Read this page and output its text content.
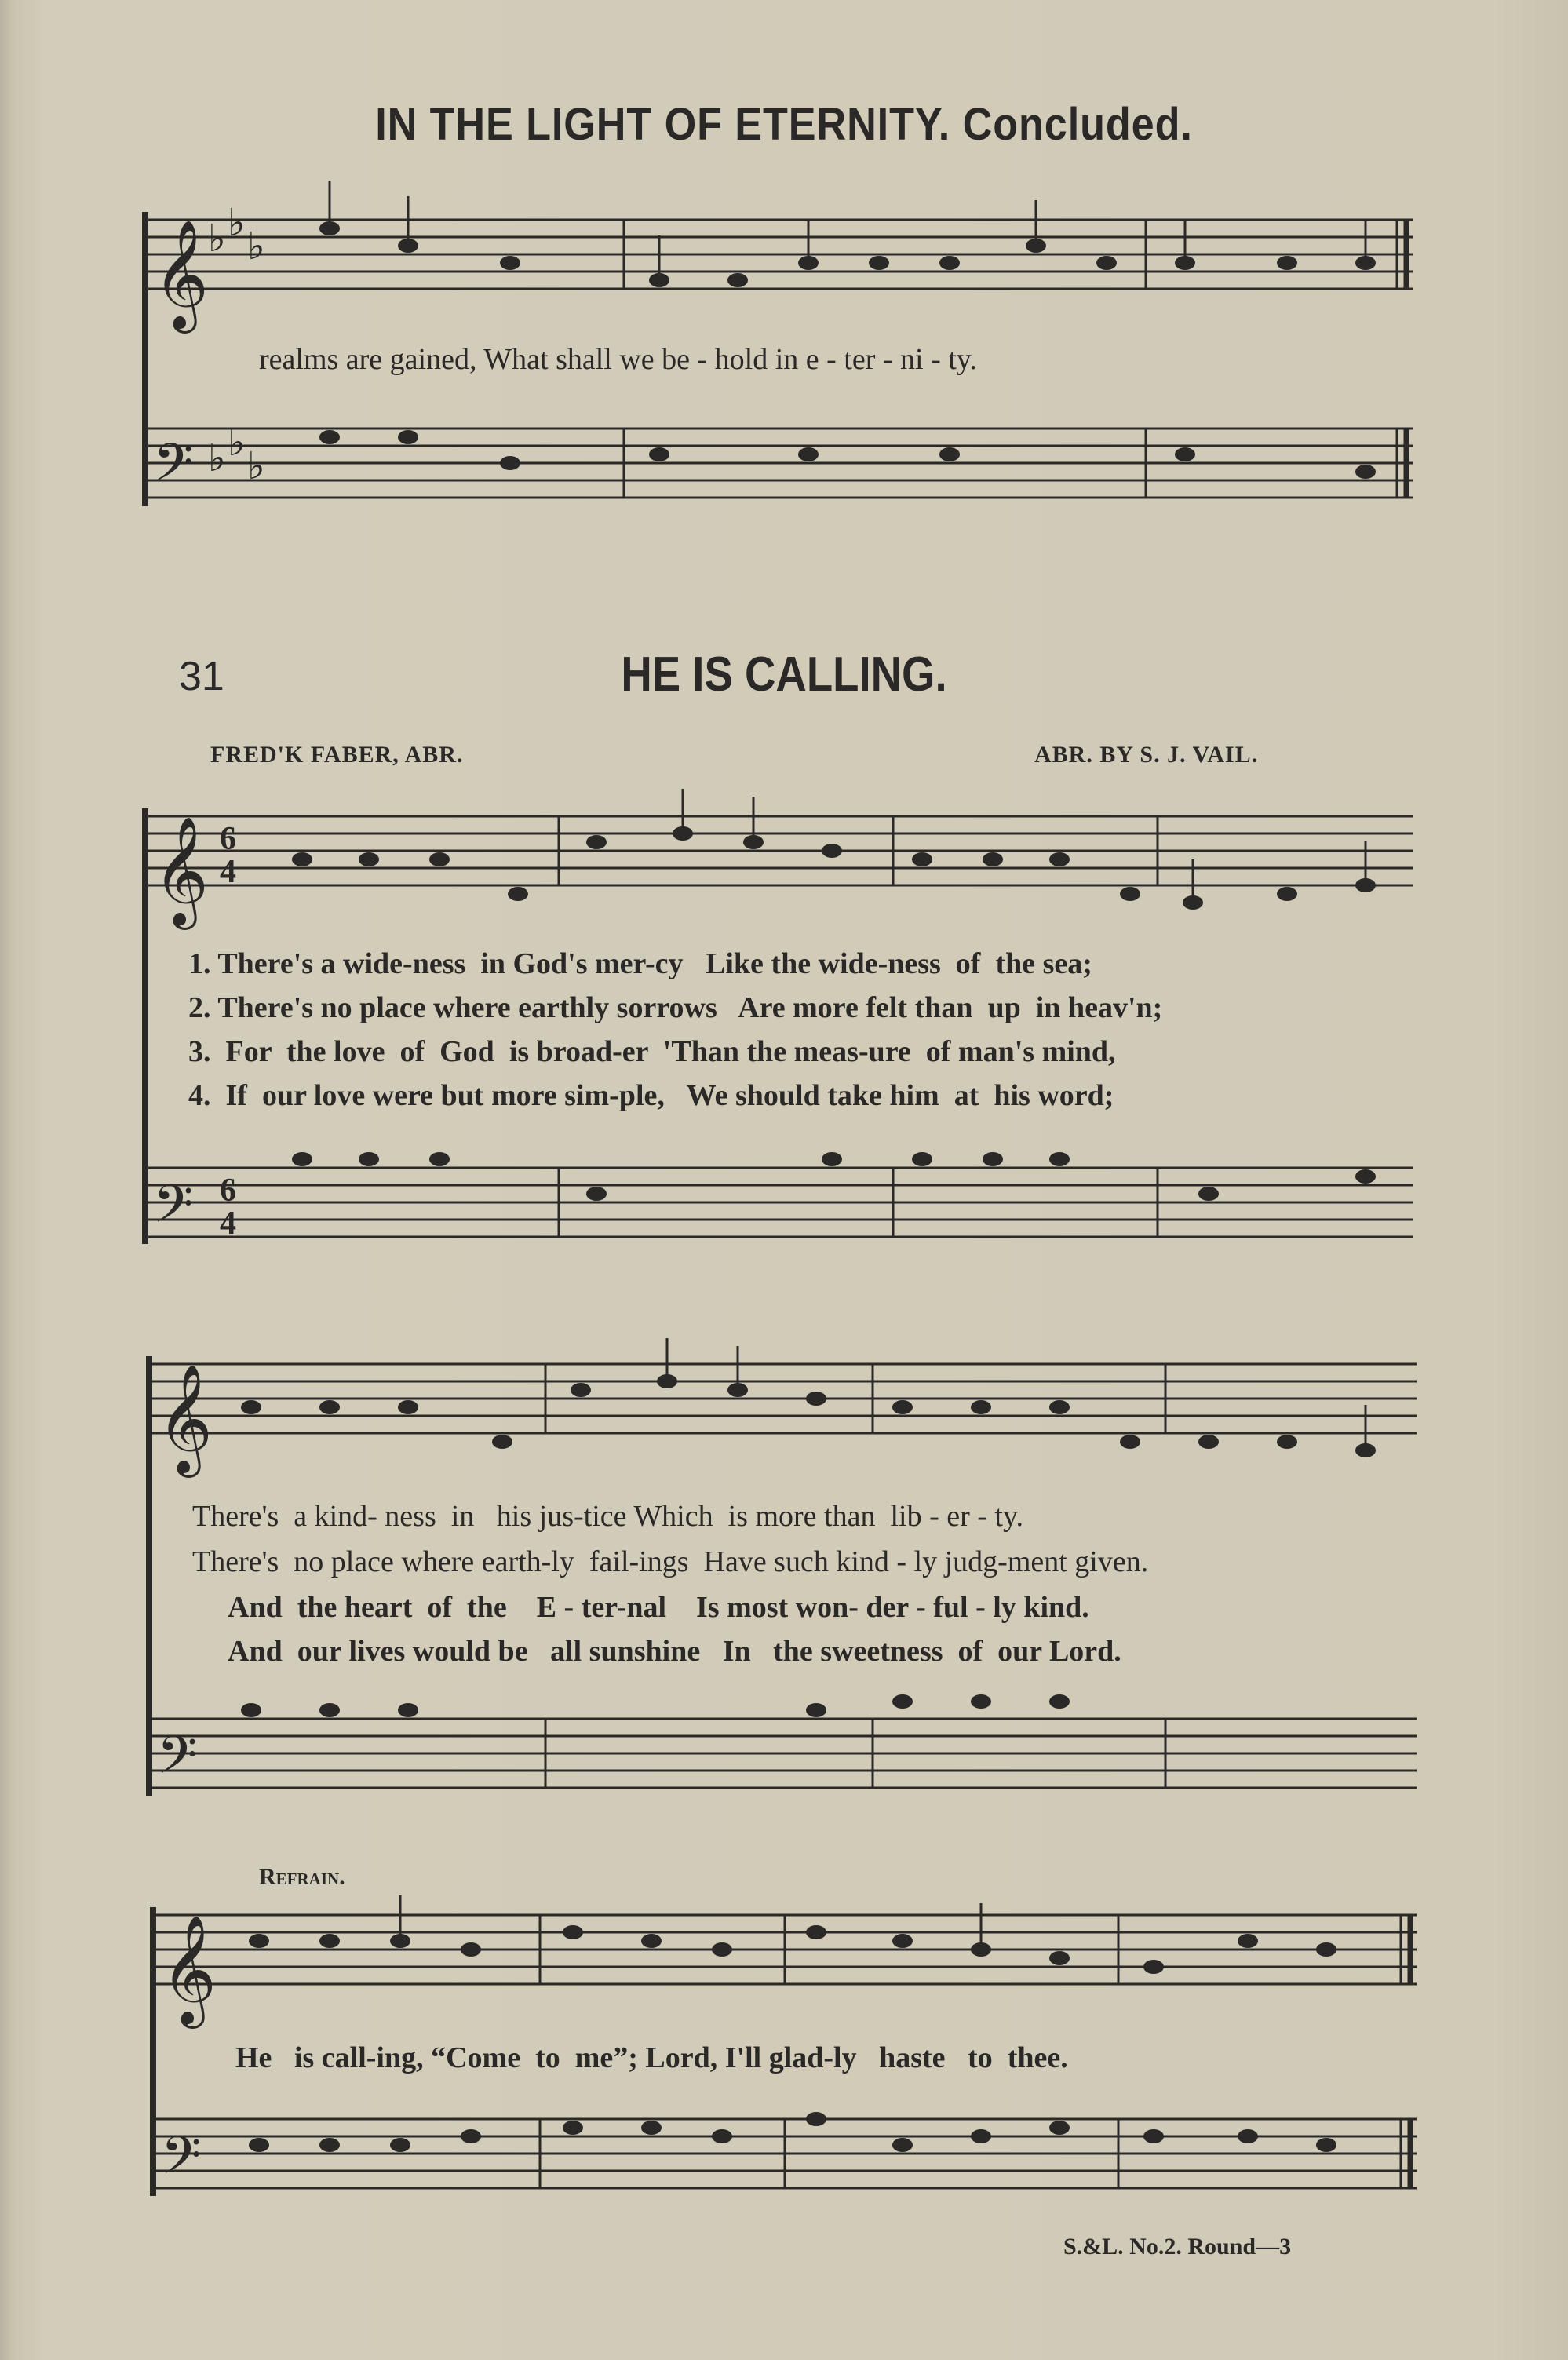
IN THE LIGHT OF ETERNITY. Concluded.
𝄞
𝄢
♭ ♭
♭
♭ ♭
♭
𝄞
𝄢
6
4
6
4
𝄞
𝄢
𝄞
𝄢
realms are gained, What shall we be - hold in e - ter - ni - ty.
31	HE IS CALLING.
FRED'K FABER, ABR.	ABR. BY S. J. VAIL.
1. There's a wide-ness  in God's mer-cy   Like the wide-ness  of  the sea;
2. There's no place where earthly sorrows   Are more felt than  up  in heav'n;
3.  For  the love  of  God  is broad-er  'Than the meas-ure  of man's mind,
4.  If  our love were but more sim-ple,   We should take him  at  his word;
There's  a kind- ness  in   his jus-tice Which  is more than  lib - er - ty.
There's  no place where earth-ly  fail-ings  Have such kind - ly judg-ment given.
And  the heart  of  the    E - ter-nal    Is most won- der - ful - ly kind.
And  our lives would be   all sunshine   In   the sweetness  of  our Lord.
Refrain.
He   is call-ing, “Come  to  me”; Lord, I'll glad-ly   haste   to  thee.
S.&L. No.2. Round—3
